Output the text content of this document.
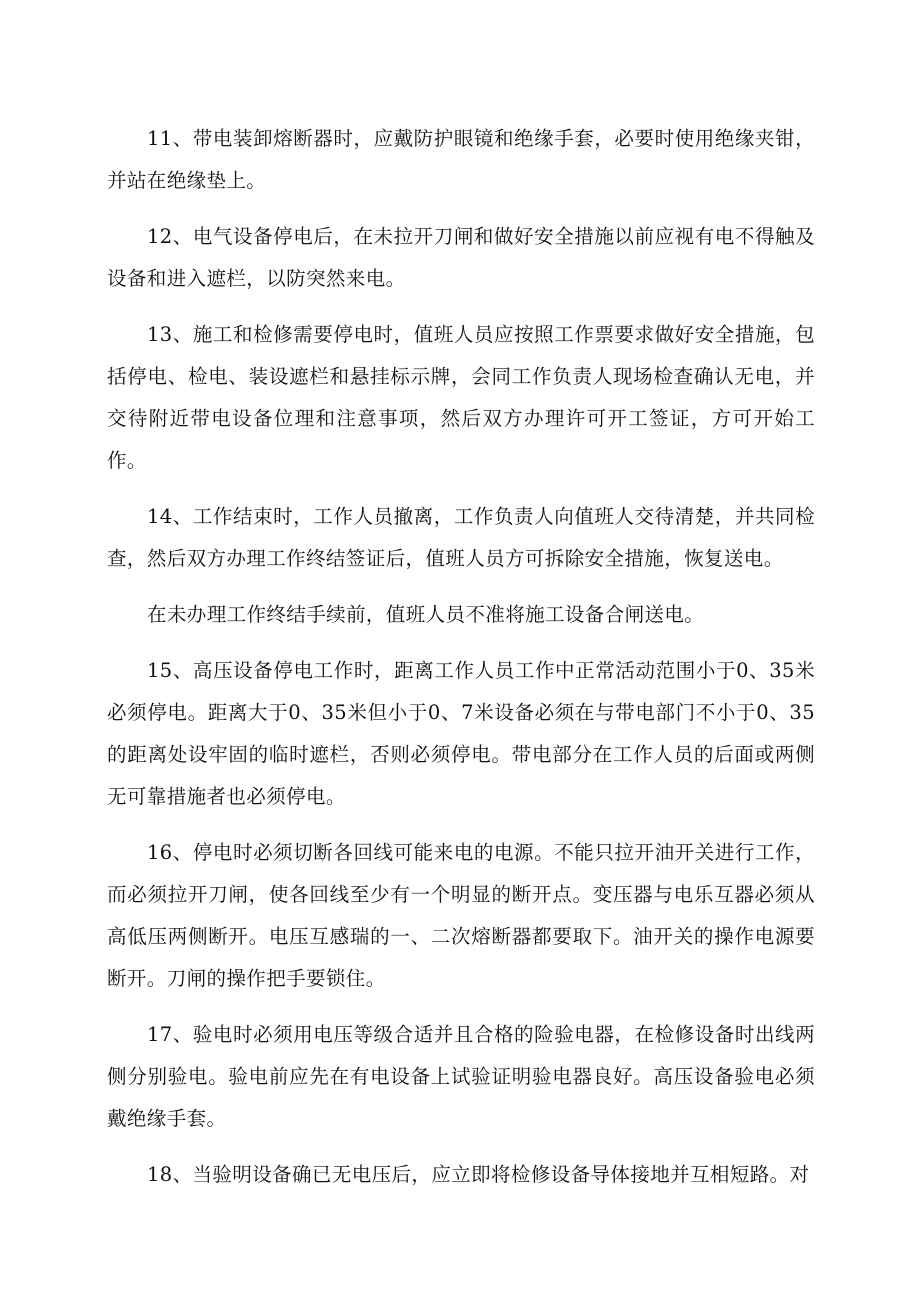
11、带电装卸熔断器时，应戴防护眼镜和绝缘手套，必要时使用绝缘夹钳，并站在绝缘垫上。

12、电气设备停电后，在未拉开刀闸和做好安全措施以前应视有电不得触及设备和进入遮栏，以防突然来电。

13、施工和检修需要停电时，值班人员应按照工作票要求做好安全措施，包括停电、检电、装设遮栏和悬挂标示牌，会同工作负责人现场检查确认无电，并交待附近带电设备位理和注意事项，然后双方办理许可开工签证，方可开始工作。

14、工作结束时，工作人员撤离，工作负责人向值班人交待清楚，并共同检查，然后双方办理工作终结签证后，值班人员方可拆除安全措施，恢复送电。

在未办理工作终结手续前，值班人员不准将施工设备合闸送电。

15、高压设备停电工作时，距离工作人员工作中正常活动范围小于0、35米必须停电。距离大于0、35米但小于0、7米设备必须在与带电部门不小于0、35的距离处设牢固的临时遮栏，否则必须停电。带电部分在工作人员的后面或两侧无可靠措施者也必须停电。

16、停电时必须切断各回线可能来电的电源。不能只拉开油开关进行工作，而必须拉开刀闸，使各回线至少有一个明显的断开点。变压器与电乐互器必须从高低压两侧断开。电压互感瑞的一、二次熔断器都要取下。油开关的操作电源要断开。刀闸的操作把手要锁住。

17、验电时必须用电压等级合适并且合格的险验电器，在检修设备时出线两侧分别验电。验电前应先在有电设备上试验证明验电器良好。高压设备验电必须戴绝缘手套。

18、当验明设备确已无电压后，应立即将检修设备导体接地并互相短路。对
